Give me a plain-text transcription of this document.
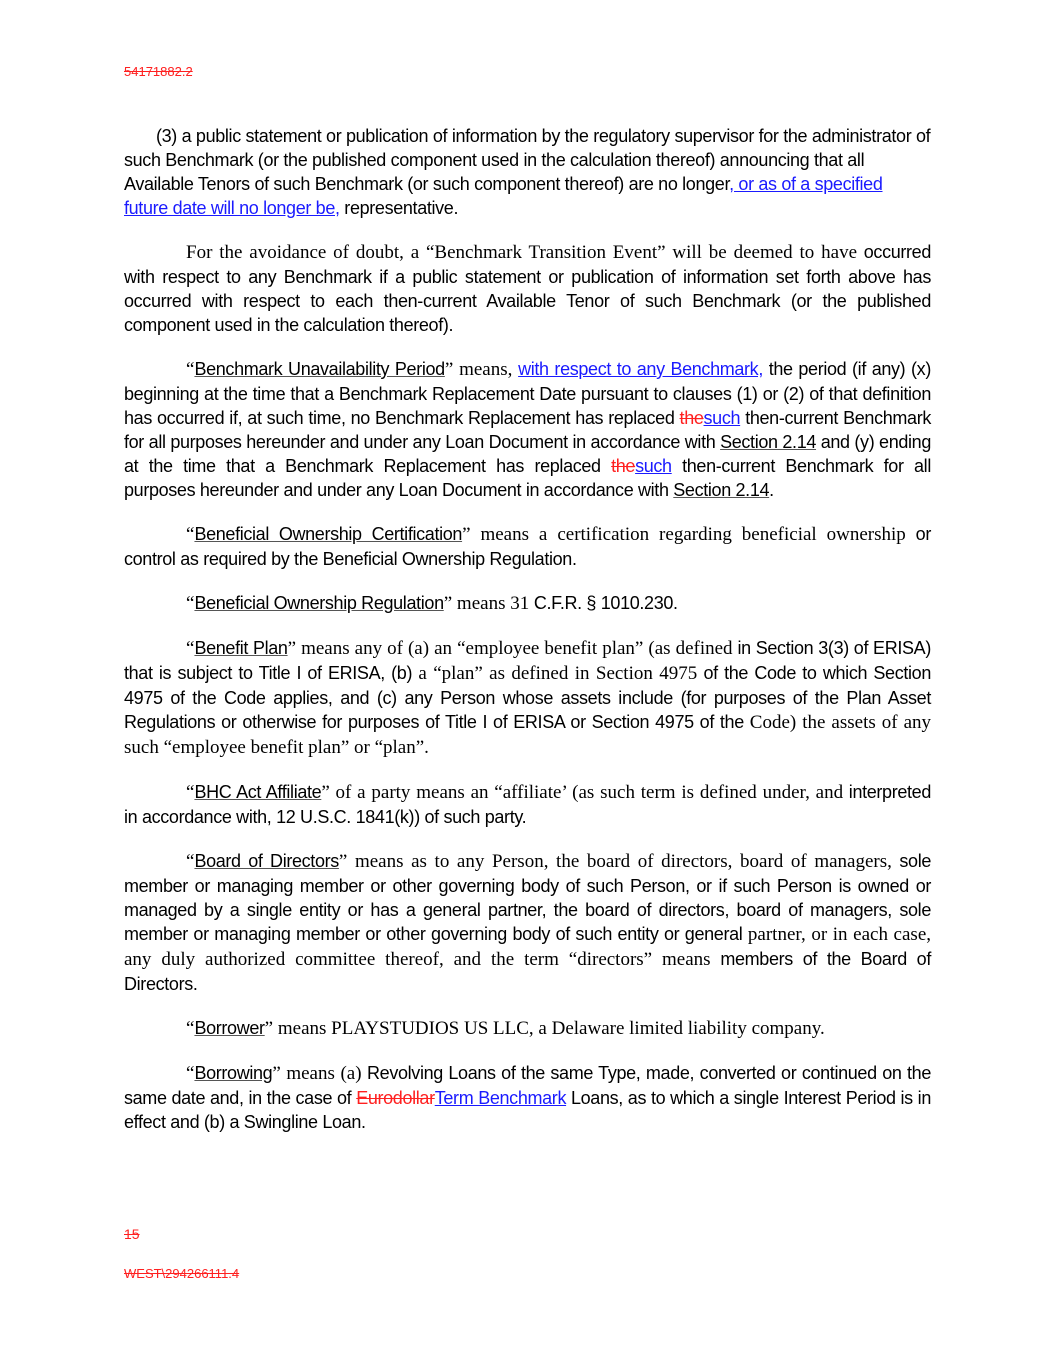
54171882.2

(3) a public statement or publication of information by the regulatory supervisor for the administrator of such Benchmark (or the published component used in the calculation thereof) announcing that all Available Tenors of such Benchmark (or such component thereof) are no longer, or as of a specified future date will no longer be, representative.

For the avoidance of doubt, a “Benchmark Transition Event” will be deemed to have occurred with respect to any Benchmark if a public statement or publication of information set forth above has occurred with respect to each then-current Available Tenor of such Benchmark (or the published component used in the calculation thereof).

“Benchmark Unavailability Period” means, with respect to any Benchmark, the period (if any) (x) beginning at the time that a Benchmark Replacement Date pursuant to clauses (1) or (2) of that definition has occurred if, at such time, no Benchmark Replacement has replaced thesuch then-current Benchmark for all purposes hereunder and under any Loan Document in accordance with Section 2.14 and (y) ending at the time that a Benchmark Replacement has replaced thesuch then-current Benchmark for all purposes hereunder and under any Loan Document in accordance with Section 2.14.

“Beneficial Ownership Certification” means a certification regarding beneficial ownership or control as required by the Beneficial Ownership Regulation.

“Beneficial Ownership Regulation” means 31 C.F.R. § 1010.230.

“Benefit Plan” means any of (a) an “employee benefit plan” (as defined in Section 3(3) of ERISA) that is subject to Title I of ERISA, (b) a “plan” as defined in Section 4975 of the Code to which Section 4975 of the Code applies, and (c) any Person whose assets include (for purposes of the Plan Asset Regulations or otherwise for purposes of Title I of ERISA or Section 4975 of the Code) the assets of any such “employee benefit plan” or “plan”.

“BHC Act Affiliate” of a party means an “affiliate’ (as such term is defined under, and interpreted in accordance with, 12 U.S.C. 1841(k)) of such party.

“Board of Directors” means as to any Person, the board of directors, board of managers, sole member or managing member or other governing body of such Person, or if such Person is owned or managed by a single entity or has a general partner, the board of directors, board of managers, sole member or managing member or other governing body of such entity or general partner, or in each case, any duly authorized committee thereof, and the term “directors” means members of the Board of Directors.

“Borrower” means PLAYSTUDIOS US LLC, a Delaware limited liability company.

“Borrowing” means (a) Revolving Loans of the same Type, made, converted or continued on the same date and, in the case of EurodollarTerm Benchmark Loans, as to which a single Interest Period is in effect and (b) a Swingline Loan.

15
WEST\294266111.4
